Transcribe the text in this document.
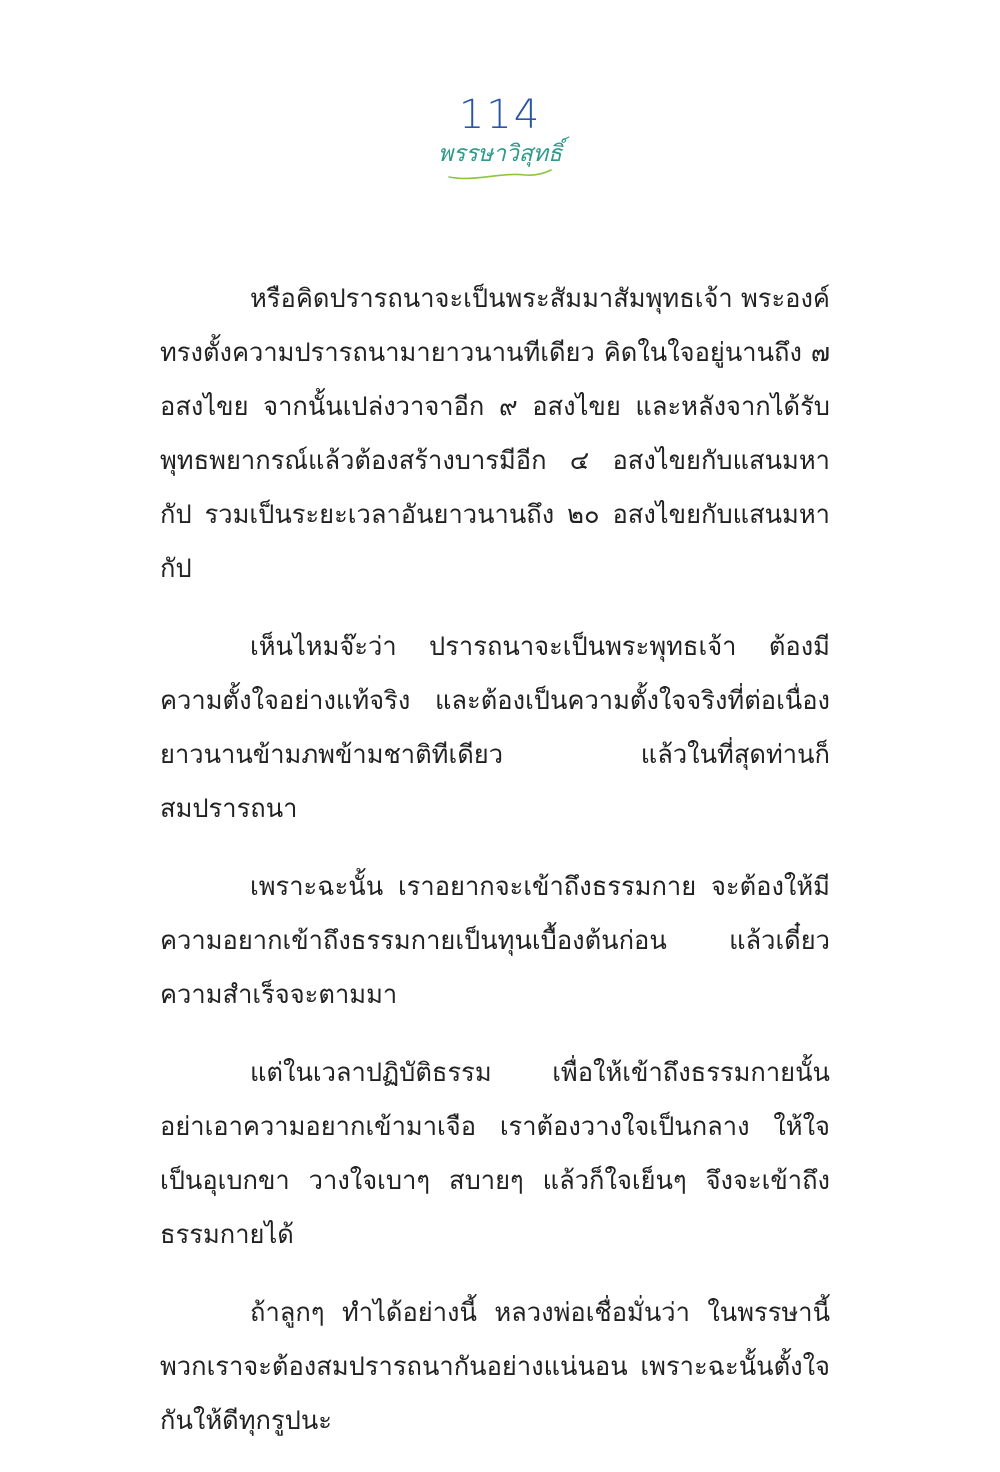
114
พรรษาวิสุทธิ์

หรือคิดปรารถนาจะเป็นพระสัมมาสัมพุทธเจ้า พระองค์ทรงตั้งความปรารถนามายาวนานทีเดียว คิดในใจอยู่นานถึง ๗ อสงไขย จากนั้นเปล่งวาจาอีก ๙ อสงไขย และหลังจากได้รับพุทธพยากรณ์แล้วต้องสร้างบารมีอีก ๔ อสงไขยกับแสนมหากัป รวมเป็นระยะเวลาอันยาวนานถึง ๒๐ อสงไขยกับแสนมหากัป

เห็นไหมจ๊ะว่า ปรารถนาจะเป็นพระพุทธเจ้า ต้องมีความตั้งใจอย่างแท้จริง และต้องเป็นความตั้งใจจริงที่ต่อเนื่องยาวนานข้ามภพข้ามชาติทีเดียว แล้วในที่สุดท่านก็สมปรารถนา

เพราะฉะนั้น เราอยากจะเข้าถึงธรรมกาย จะต้องให้มีความอยากเข้าถึงธรรมกายเป็นทุนเบื้องต้นก่อน แล้วเดี๋ยวความสำเร็จจะตามมา

แต่ในเวลาปฏิบัติธรรม เพื่อให้เข้าถึงธรรมกายนั้น อย่าเอาความอยากเข้ามาเจือ เราต้องวางใจเป็นกลาง ให้ใจเป็นอุเบกขา วางใจเบาๆ สบายๆ แล้วก็ใจเย็นๆ จึงจะเข้าถึงธรรมกายได้

ถ้าลูกๆ ทำได้อย่างนี้ หลวงพ่อเชื่อมั่นว่า ในพรรษานี้พวกเราจะต้องสมปรารถนากันอย่างแน่นอน เพราะฉะนั้นตั้งใจกันให้ดีทุกรูปนะ
